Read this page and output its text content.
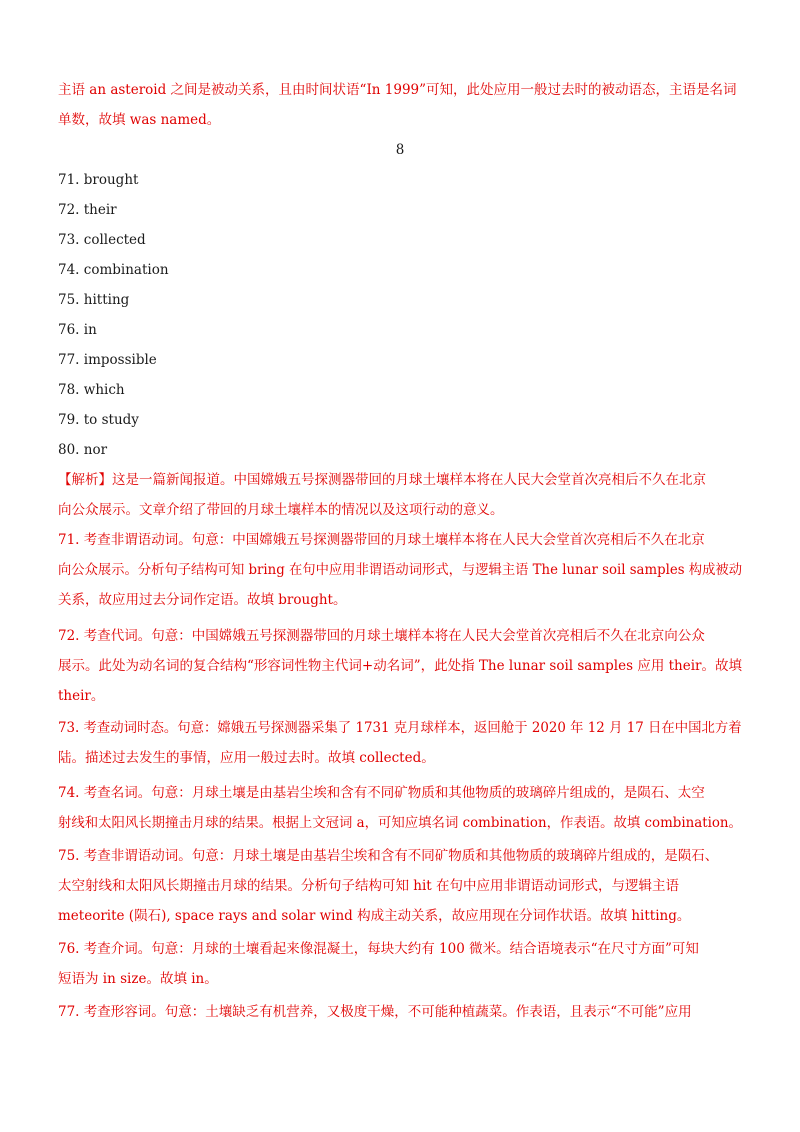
主语 an asteroid 之间是被动关系，且由时间状语“In 1999”可知，此处应用一般过去时的被动语态，主语是名词
单数，故填 was named。
8
71. brought
72. their
73. collected
74. combination
75. hitting
76. in
77. impossible
78. which
79. to study
80. nor
【解析】这是一篇新闻报道。中国嫦娥五号探测器带回的月球土壤样本将在人民大会堂首次亮相后不久在北京
向公众展示。文章介绍了带回的月球土壤样本的情况以及这项行动的意义。
71. 考查非谓语动词。句意：中国嫦娥五号探测器带回的月球土壤样本将在人民大会堂首次亮相后不久在北京
向公众展示。分析句子结构可知 bring 在句中应用非谓语动词形式，与逻辑主语 The lunar soil samples 构成被动
关系，故应用过去分词作定语。故填 brought。
72. 考查代词。句意：中国嫦娥五号探测器带回的月球土壤样本将在人民大会堂首次亮相后不久在北京向公众
展示。此处为动名词的复合结构“形容词性物主代词+动名词”，此处指 The lunar soil samples 应用 their。故填
their。
73. 考查动词时态。句意：嫦娥五号探测器采集了 1731 克月球样本，返回舱于 2020 年 12 月 17 日在中国北方着
陆。描述过去发生的事情，应用一般过去时。故填 collected。
74. 考查名词。句意：月球土壤是由基岩尘埃和含有不同矿物质和其他物质的玻璃碎片组成的，是陨石、太空
射线和太阳风长期撞击月球的结果。根据上文冠词 a，可知应填名词 combination，作表语。故填 combination。
75. 考查非谓语动词。句意：月球土壤是由基岩尘埃和含有不同矿物质和其他物质的玻璃碎片组成的，是陨石、
太空射线和太阳风长期撞击月球的结果。分析句子结构可知 hit 在句中应用非谓语动词形式，与逻辑主语
meteorite (陨石), space rays and solar wind 构成主动关系，故应用现在分词作状语。故填 hitting。
76. 考查介词。句意：月球的土壤看起来像混凝土，每块大约有 100 微米。结合语境表示“在尺寸方面”可知
短语为 in size。故填 in。
77. 考查形容词。句意：土壤缺乏有机营养，又极度干燥，不可能种植蔬菜。作表语，且表示“不可能”应用
